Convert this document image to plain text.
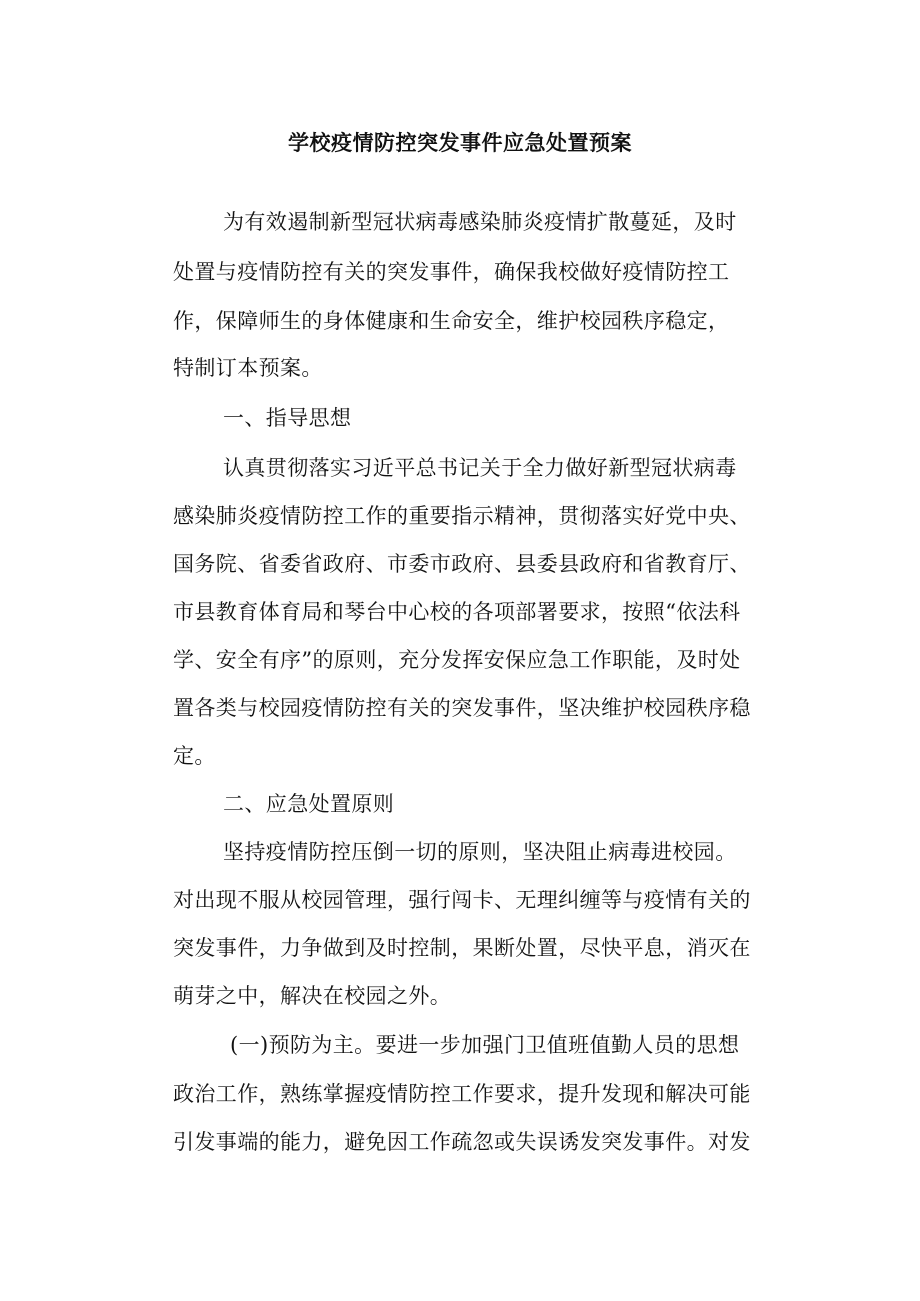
学校疫情防控突发事件应急处置预案
为有效遏制新型冠状病毒感染肺炎疫情扩散蔓延，及时
处置与疫情防控有关的突发事件，确保我校做好疫情防控工
作，保障师生的身体健康和生命安全，维护校园秩序稳定，
特制订本预案。
一、指导思想
认真贯彻落实习近平总书记关于全力做好新型冠状病毒
感染肺炎疫情防控工作的重要指示精神，贯彻落实好党中央、
国务院、省委省政府、市委市政府、县委县政府和省教育厅、
市县教育体育局和琴台中心校的各项部署要求，按照“依法科
学、安全有序”的原则，充分发挥安保应急工作职能，及时处
置各类与校园疫情防控有关的突发事件，坚决维护校园秩序稳
定。
二、应急处置原则
坚持疫情防控压倒一切的原则，坚决阻止病毒进校园。
对出现不服从校园管理，强行闯卡、无理纠缠等与疫情有关的
突发事件，力争做到及时控制，果断处置，尽快平息，消灭在
萌芽之中，解决在校园之外。
(一)预防为主。要进一步加强门卫值班值勤人员的思想
政治工作，熟练掌握疫情防控工作要求，提升发现和解决可能
引发事端的能力，避免因工作疏忽或失误诱发突发事件。对发
